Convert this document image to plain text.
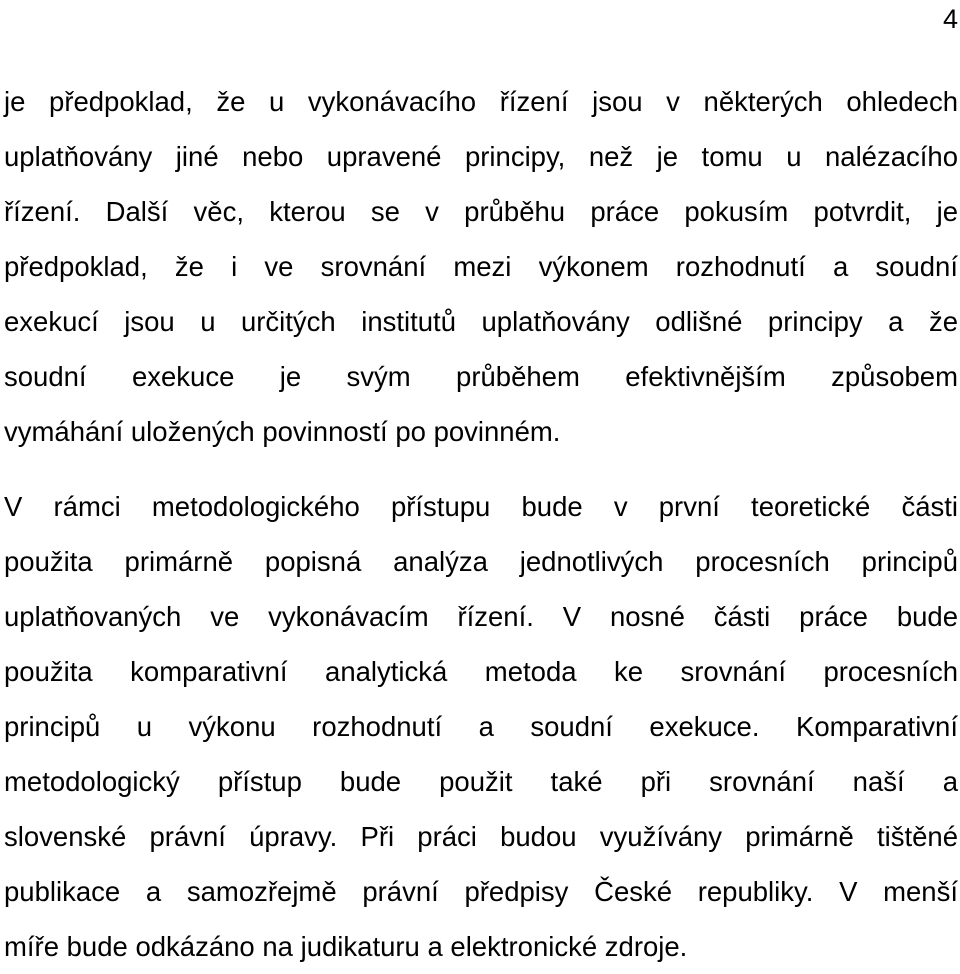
4
je předpoklad, že u vykonávacího řízení jsou v některých ohledech
uplatňovány jiné nebo upravené principy, než je tomu u nalézacího
řízení. Další věc, kterou se v průběhu práce pokusím potvrdit, je
předpoklad, že i ve srovnání mezi výkonem rozhodnutí a soudní
exekucí jsou u určitých institutů uplatňovány odlišné principy a že
soudní exekuce je svým průběhem efektivnějším způsobem
vymáhání uložených povinností po povinném.
V rámci metodologického přístupu bude v první teoretické části
použita primárně popisná analýza jednotlivých procesních principů
uplatňovaných ve vykonávacím řízení. V nosné části práce bude
použita komparativní analytická metoda ke srovnání procesních
principů u výkonu rozhodnutí a soudní exekuce. Komparativní
metodologický přístup bude použit také při srovnání naší a
slovenské právní úpravy. Při práci budou využívány primárně tištěné
publikace a samozřejmě právní předpisy České republiky. V menší
míře bude odkázáno na judikaturu a elektronické zdroje.
